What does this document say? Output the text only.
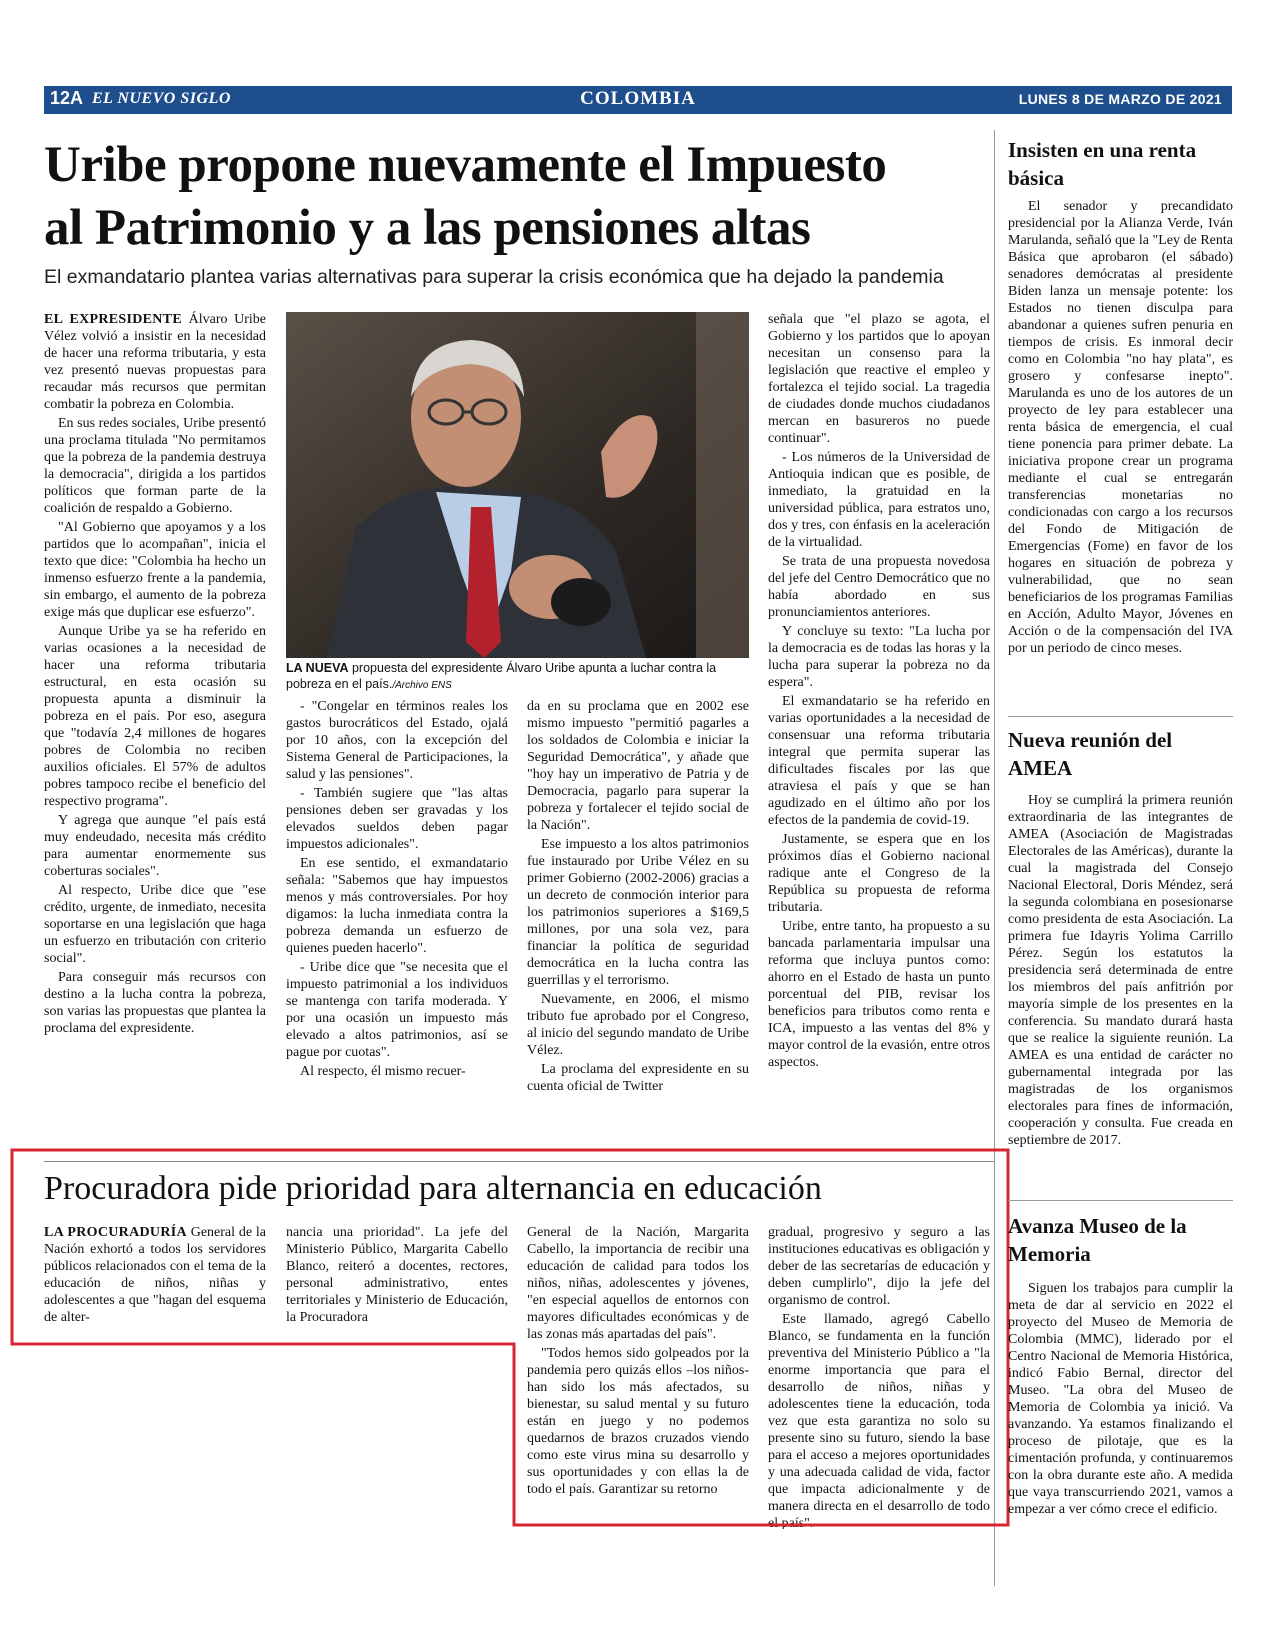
12A EL NUEVO SIGLO	COLOMBIA	LUNES 8 DE MARZO DE 2021
Uribe propone nuevamente el Impuesto
al Patrimonio y a las pensiones altas
El exmandatario plantea varias alternativas para superar la crisis económica que ha dejado la pandemia

EL EXPRESIDENTE Álvaro Uribe Vélez volvió a insistir en la necesidad de hacer una reforma tributaria, y esta vez presentó nuevas propuestas para recaudar más recursos que permitan combatir la pobreza en Colombia.

En sus redes sociales, Uribe presentó una proclama titulada "No permitamos que la pobreza de la pandemia destruya la democracia", dirigida a los partidos políticos que forman parte de la coalición de respaldo a Gobierno.

"Al Gobierno que apoyamos y a los partidos que lo acompañan", inicia el texto que dice: "Colombia ha hecho un inmenso esfuerzo frente a la pandemia, sin embargo, el aumento de la pobreza exige más que duplicar ese esfuerzo".

Aunque Uribe ya se ha referido en varias ocasiones a la necesidad de hacer una reforma tributaria estructural, en esta ocasión su propuesta apunta a disminuir la pobreza en el país. Por eso, asegura que "todavía 2,4 millones de hogares pobres de Colombia no reciben auxilios oficiales. El 57% de adultos pobres tampoco recibe el beneficio del respectivo programa".

Y agrega que aunque "el país está muy endeudado, necesita más crédito para aumentar enormemente sus coberturas sociales".

Al respecto, Uribe dice que "ese crédito, urgente, de inmediato, necesita soportarse en una legislación que haga un esfuerzo en tributación con criterio social".

Para conseguir más recursos con destino a la lucha contra la pobreza, son varias las propuestas que plantea la proclama del expresidente.

LA NUEVA propuesta del expresidente Álvaro Uribe apunta a luchar contra la pobreza en el país./Archivo ENS

- "Congelar en términos reales los gastos burocráticos del Estado, ojalá por 10 años, con la excepción del Sistema General de Participaciones, la salud y las pensiones".

- También sugiere que "las altas pensiones deben ser gravadas y los elevados sueldos deben pagar impuestos adicionales".

En ese sentido, el exmandatario señala: "Sabemos que hay impuestos menos y más controversiales. Por hoy digamos: la lucha inmediata contra la pobreza demanda un esfuerzo de quienes pueden hacerlo".

- Uribe dice que "se necesita que el impuesto patrimonial a los individuos se mantenga con tarifa moderada. Y por una ocasión un impuesto más elevado a altos patrimonios, así se pague por cuotas".

Al respecto, él mismo recuer-

da en su proclama que en 2002 ese mismo impuesto "permitió pagarles a los soldados de Colombia e iniciar la Seguridad Democrática", y añade que "hoy hay un imperativo de Patria y de Democracia, pagarlo para superar la pobreza y fortalecer el tejido social de la Nación".

Ese impuesto a los altos patrimonios fue instaurado por Uribe Vélez en su primer Gobierno (2002-2006) gracias a un decreto de conmoción interior para los patrimonios superiores a $169,5 millones, por una sola vez, para financiar la política de seguridad democrática en la lucha contra las guerrillas y el terrorismo.

Nuevamente, en 2006, el mismo tributo fue aprobado por el Congreso, al inicio del segundo mandato de Uribe Vélez.

La proclama del expresidente en su cuenta oficial de Twitter

señala que "el plazo se agota, el Gobierno y los partidos que lo apoyan necesitan un consenso para la legislación que reactive el empleo y fortalezca el tejido social. La tragedia de ciudades donde muchos ciudadanos mercan en basureros no puede continuar".

- Los números de la Universidad de Antioquia indican que es posible, de inmediato, la gratuidad en la universidad pública, para estratos uno, dos y tres, con énfasis en la aceleración de la virtualidad.

Se trata de una propuesta novedosa del jefe del Centro Democrático que no había abordado en sus pronunciamientos anteriores.

Y concluye su texto: "La lucha por la democracia es de todas las horas y la lucha para superar la pobreza no da espera".

El exmandatario se ha referido en varias oportunidades a la necesidad de consensuar una reforma tributaria integral que permita superar las dificultades fiscales por las que atraviesa el país y que se han agudizado en el último año por los efectos de la pandemia de covid-19.

Justamente, se espera que en los próximos días el Gobierno nacional radique ante el Congreso de la República su propuesta de reforma tributaria.

Uribe, entre tanto, ha propuesto a su bancada parlamentaria impulsar una reforma que incluya puntos como: ahorro en el Estado de hasta un punto porcentual del PIB, revisar los beneficios para tributos como renta e ICA, impuesto a las ventas del 8% y mayor control de la evasión, entre otros aspectos.

Procuradora pide prioridad para alternancia en educación

LA PROCURADURÍA General de la Nación exhortó a todos los servidores públicos relacionados con el tema de la educación de niños, niñas y adolescentes a que "hagan del esquema de alter-

nancia una prioridad". La jefe del Ministerio Público, Margarita Cabello Blanco, reiteró a docentes, rectores, personal administrativo, entes territoriales y Ministerio de Educación, la Procuradora

General de la Nación, Margarita Cabello, la importancia de recibir una educación de calidad para todos los niños, niñas, adolescentes y jóvenes, "en especial aquellos de entornos con mayores dificultades económicas y de las zonas más apartadas del país".

"Todos hemos sido golpeados por la pandemia pero quizás ellos –los niños- han sido los más afectados, su bienestar, su salud mental y su futuro están en juego y no podemos quedarnos de brazos cruzados viendo como este virus mina su desarrollo y sus oportunidades y con ellas la de todo el país. Garantizar su retorno

gradual, progresivo y seguro a las instituciones educativas es obligación y deber de las secretarías de educación y deben cumplirlo", dijo la jefe del organismo de control.

Este llamado, agregó Cabello Blanco, se fundamenta en la función preventiva del Ministerio Público a "la enorme importancia que para el desarrollo de niños, niñas y adolescentes tiene la educación, toda vez que esta garantiza no solo su presente sino su futuro, siendo la base para el acceso a mejores oportunidades y una adecuada calidad de vida, factor que impacta adicionalmente y de manera directa en el desarrollo de todo el país".

Insisten en una renta básica

El senador y precandidato presidencial por la Alianza Verde, Iván Marulanda, señaló que la "Ley de Renta Básica que aprobaron (el sábado) senadores demócratas al presidente Biden lanza un mensaje potente: los Estados no tienen disculpa para abandonar a quienes sufren penuria en tiempos de crisis. Es inmoral decir como en Colombia "no hay plata", es grosero y confesarse inepto". Marulanda es uno de los autores de un proyecto de ley para establecer una renta básica de emergencia, el cual tiene ponencia para primer debate. La iniciativa propone crear un programa mediante el cual se entregarán transferencias monetarias no condicionadas con cargo a los recursos del Fondo de Mitigación de Emergencias (Fome) en favor de los hogares en situación de pobreza y vulnerabilidad, que no sean beneficiarios de los programas Familias en Acción, Adulto Mayor, Jóvenes en Acción o de la compensación del IVA por un periodo de cinco meses.

Nueva reunión del AMEA

Hoy se cumplirá la primera reunión extraordinaria de las integrantes de AMEA (Asociación de Magistradas Electorales de las Américas), durante la cual la magistrada del Consejo Nacional Electoral, Doris Méndez, será la segunda colombiana en posesionarse como presidenta de esta Asociación. La primera fue Idayris Yolima Carrillo Pérez. Según los estatutos la presidencia será determinada de entre los miembros del país anfitrión por mayoría simple de los presentes en la conferencia. Su mandato durará hasta que se realice la siguiente reunión. La AMEA es una entidad de carácter no gubernamental integrada por las magistradas de los organismos electorales para fines de información, cooperación y consulta. Fue creada en septiembre de 2017.

Avanza Museo de la Memoria

Siguen los trabajos para cumplir la meta de dar al servicio en 2022 el proyecto del Museo de Memoria de Colombia (MMC), liderado por el Centro Nacional de Memoria Histórica, indicó Fabio Bernal, director del Museo. "La obra del Museo de Memoria de Colombia ya inició. Va avanzando. Ya estamos finalizando el proceso de pilotaje, que es la cimentación profunda, y continuaremos con la obra durante este año. A medida que vaya transcurriendo 2021, vamos a empezar a ver cómo crece el edificio.
